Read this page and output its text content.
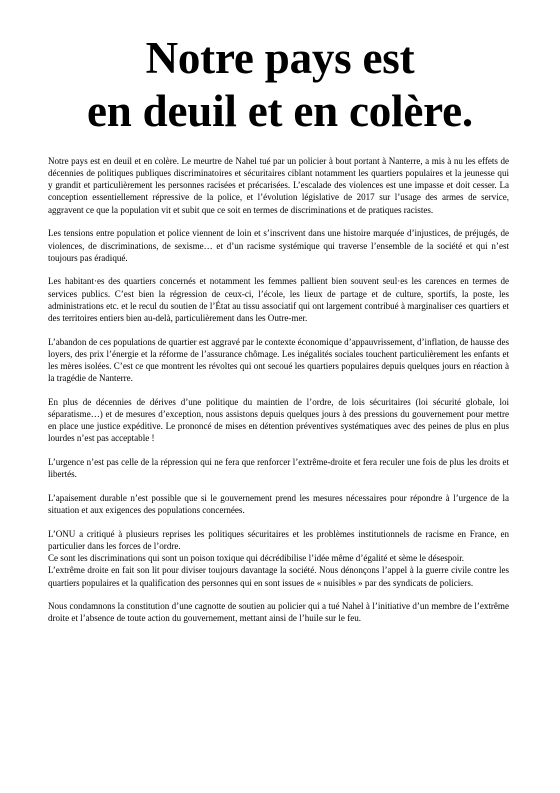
Notre pays est
en deuil et en colère.

Notre pays est en deuil et en colère. Le meurtre de Nahel tué par un policier à bout portant à Nanterre, a mis à nu les effets de décennies de politiques publiques discriminatoires et sécuritaires ciblant notamment les quartiers populaires et la jeunesse qui y grandit et particulièrement les personnes racisées et précarisées. L’escalade des violences est une impasse et doit cesser. La conception essentiellement répressive de la police, et l’évolution législative de 2017 sur l’usage des armes de service, aggravent ce que la population vit et subit que ce soit en termes de discriminations et de pratiques racistes.

Les tensions entre population et police viennent de loin et s’inscrivent dans une histoire marquée d’injustices, de préjugés, de violences, de discriminations, de sexisme… et d’un racisme systémique qui traverse l’ensemble de la société et qui n’est toujours pas éradiqué.

Les habitant·es des quartiers concernés et notamment les femmes pallient bien souvent seul·es les carences en termes de services publics. C’est bien la régression de ceux-ci, l’école, les lieux de partage et de culture, sportifs, la poste, les administrations etc. et le recul du soutien de l’État au tissu associatif qui ont largement contribué à marginaliser ces quartiers et des territoires entiers bien au-delà, particulièrement dans les Outre-mer.

L’abandon de ces populations de quartier est aggravé par le contexte économique d’appauvrissement, d’inflation, de hausse des loyers, des prix l’énergie et la réforme de l’assurance chômage. Les inégalités sociales touchent particulièrement les enfants et les mères isolées. C’est ce que montrent les révoltes qui ont secoué les quartiers populaires depuis quelques jours en réaction à la tragédie de Nanterre.

En plus de décennies de dérives d’une politique du maintien de l’ordre, de lois sécuritaires (loi sécurité globale, loi séparatisme…) et de mesures d’exception, nous assistons depuis quelques jours à des pressions du gouvernement pour mettre en place une justice expéditive. Le prononcé de mises en détention préventives systématiques avec des peines de plus en plus lourdes n’est pas acceptable !

L’urgence n’est pas celle de la répression qui ne fera que renforcer l’extrême-droite et fera reculer une fois de plus les droits et libertés.

L’apaisement durable n’est possible que si le gouvernement prend les mesures nécessaires pour répondre à l’urgence de la situation et aux exigences des populations concernées.

L’ONU a critiqué à plusieurs reprises les politiques sécuritaires et les problèmes institutionnels de racisme en France, en particulier dans les forces de l’ordre.

Ce sont les discriminations qui sont un poison toxique qui décrédibilise l’idée même d’égalité et sème le désespoir.

L’extrême droite en fait son lit pour diviser toujours davantage la société. Nous dénonçons l’appel à la guerre civile contre les quartiers populaires et la qualification des personnes qui en sont issues de « nuisibles » par des syndicats de policiers.

Nous condamnons la constitution d’une cagnotte de soutien au policier qui a tué Nahel à l’initiative d’un membre de l’extrême droite et l’absence de toute action du gouvernement, mettant ainsi de l’huile sur le feu.
